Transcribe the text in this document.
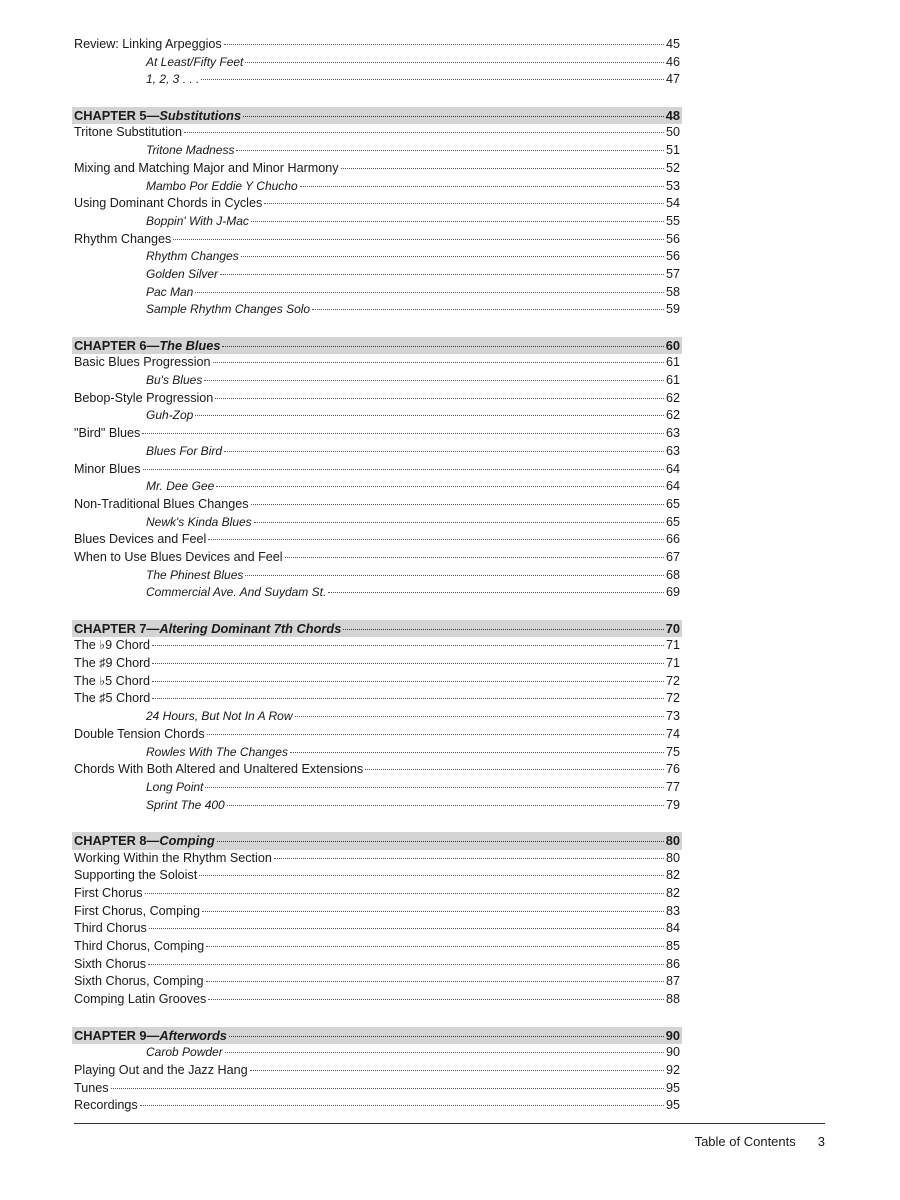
Review: Linking Arpeggios	45
At Least/Fifty Feet	46
1, 2, 3 . . .	47
CHAPTER 5—Substitutions	48
Tritone Substitution	50
Tritone Madness	51
Mixing and Matching Major and Minor Harmony	52
Mambo Por Eddie Y Chucho	53
Using Dominant Chords in Cycles	54
Boppin' With J-Mac	55
Rhythm Changes	56
Rhythm Changes	56
Golden Silver	57
Pac Man	58
Sample Rhythm Changes Solo	59
CHAPTER 6—The Blues	60
Basic Blues Progression	61
Bu's Blues	61
Bebop-Style Progression	62
Guh-Zop	62
"Bird" Blues	63
Blues For Bird	63
Minor Blues	64
Mr. Dee Gee	64
Non-Traditional Blues Changes	65
Newk's Kinda Blues	65
Blues Devices and Feel	66
When to Use Blues Devices and Feel	67
The Phinest Blues	68
Commercial Ave. And Suydam St.	69
CHAPTER 7—Altering Dominant 7th Chords	70
The ♭9 Chord	71
The ♯9 Chord	71
The ♭5 Chord	72
The ♯5 Chord	72
24 Hours, But Not In A Row	73
Double Tension Chords	74
Rowles With The Changes	75
Chords With Both Altered and Unaltered Extensions	76
Long Point	77
Sprint The 400	79
CHAPTER 8—Comping	80
Working Within the Rhythm Section	80
Supporting the Soloist	82
First Chorus	82
First Chorus, Comping	83
Third Chorus	84
Third Chorus, Comping	85
Sixth Chorus	86
Sixth Chorus, Comping	87
Comping Latin Grooves	88
CHAPTER 9—Afterwords	90
Carob Powder	90
Playing Out and the Jazz Hang	92
Tunes	95
Recordings	95
Table of Contents 3
